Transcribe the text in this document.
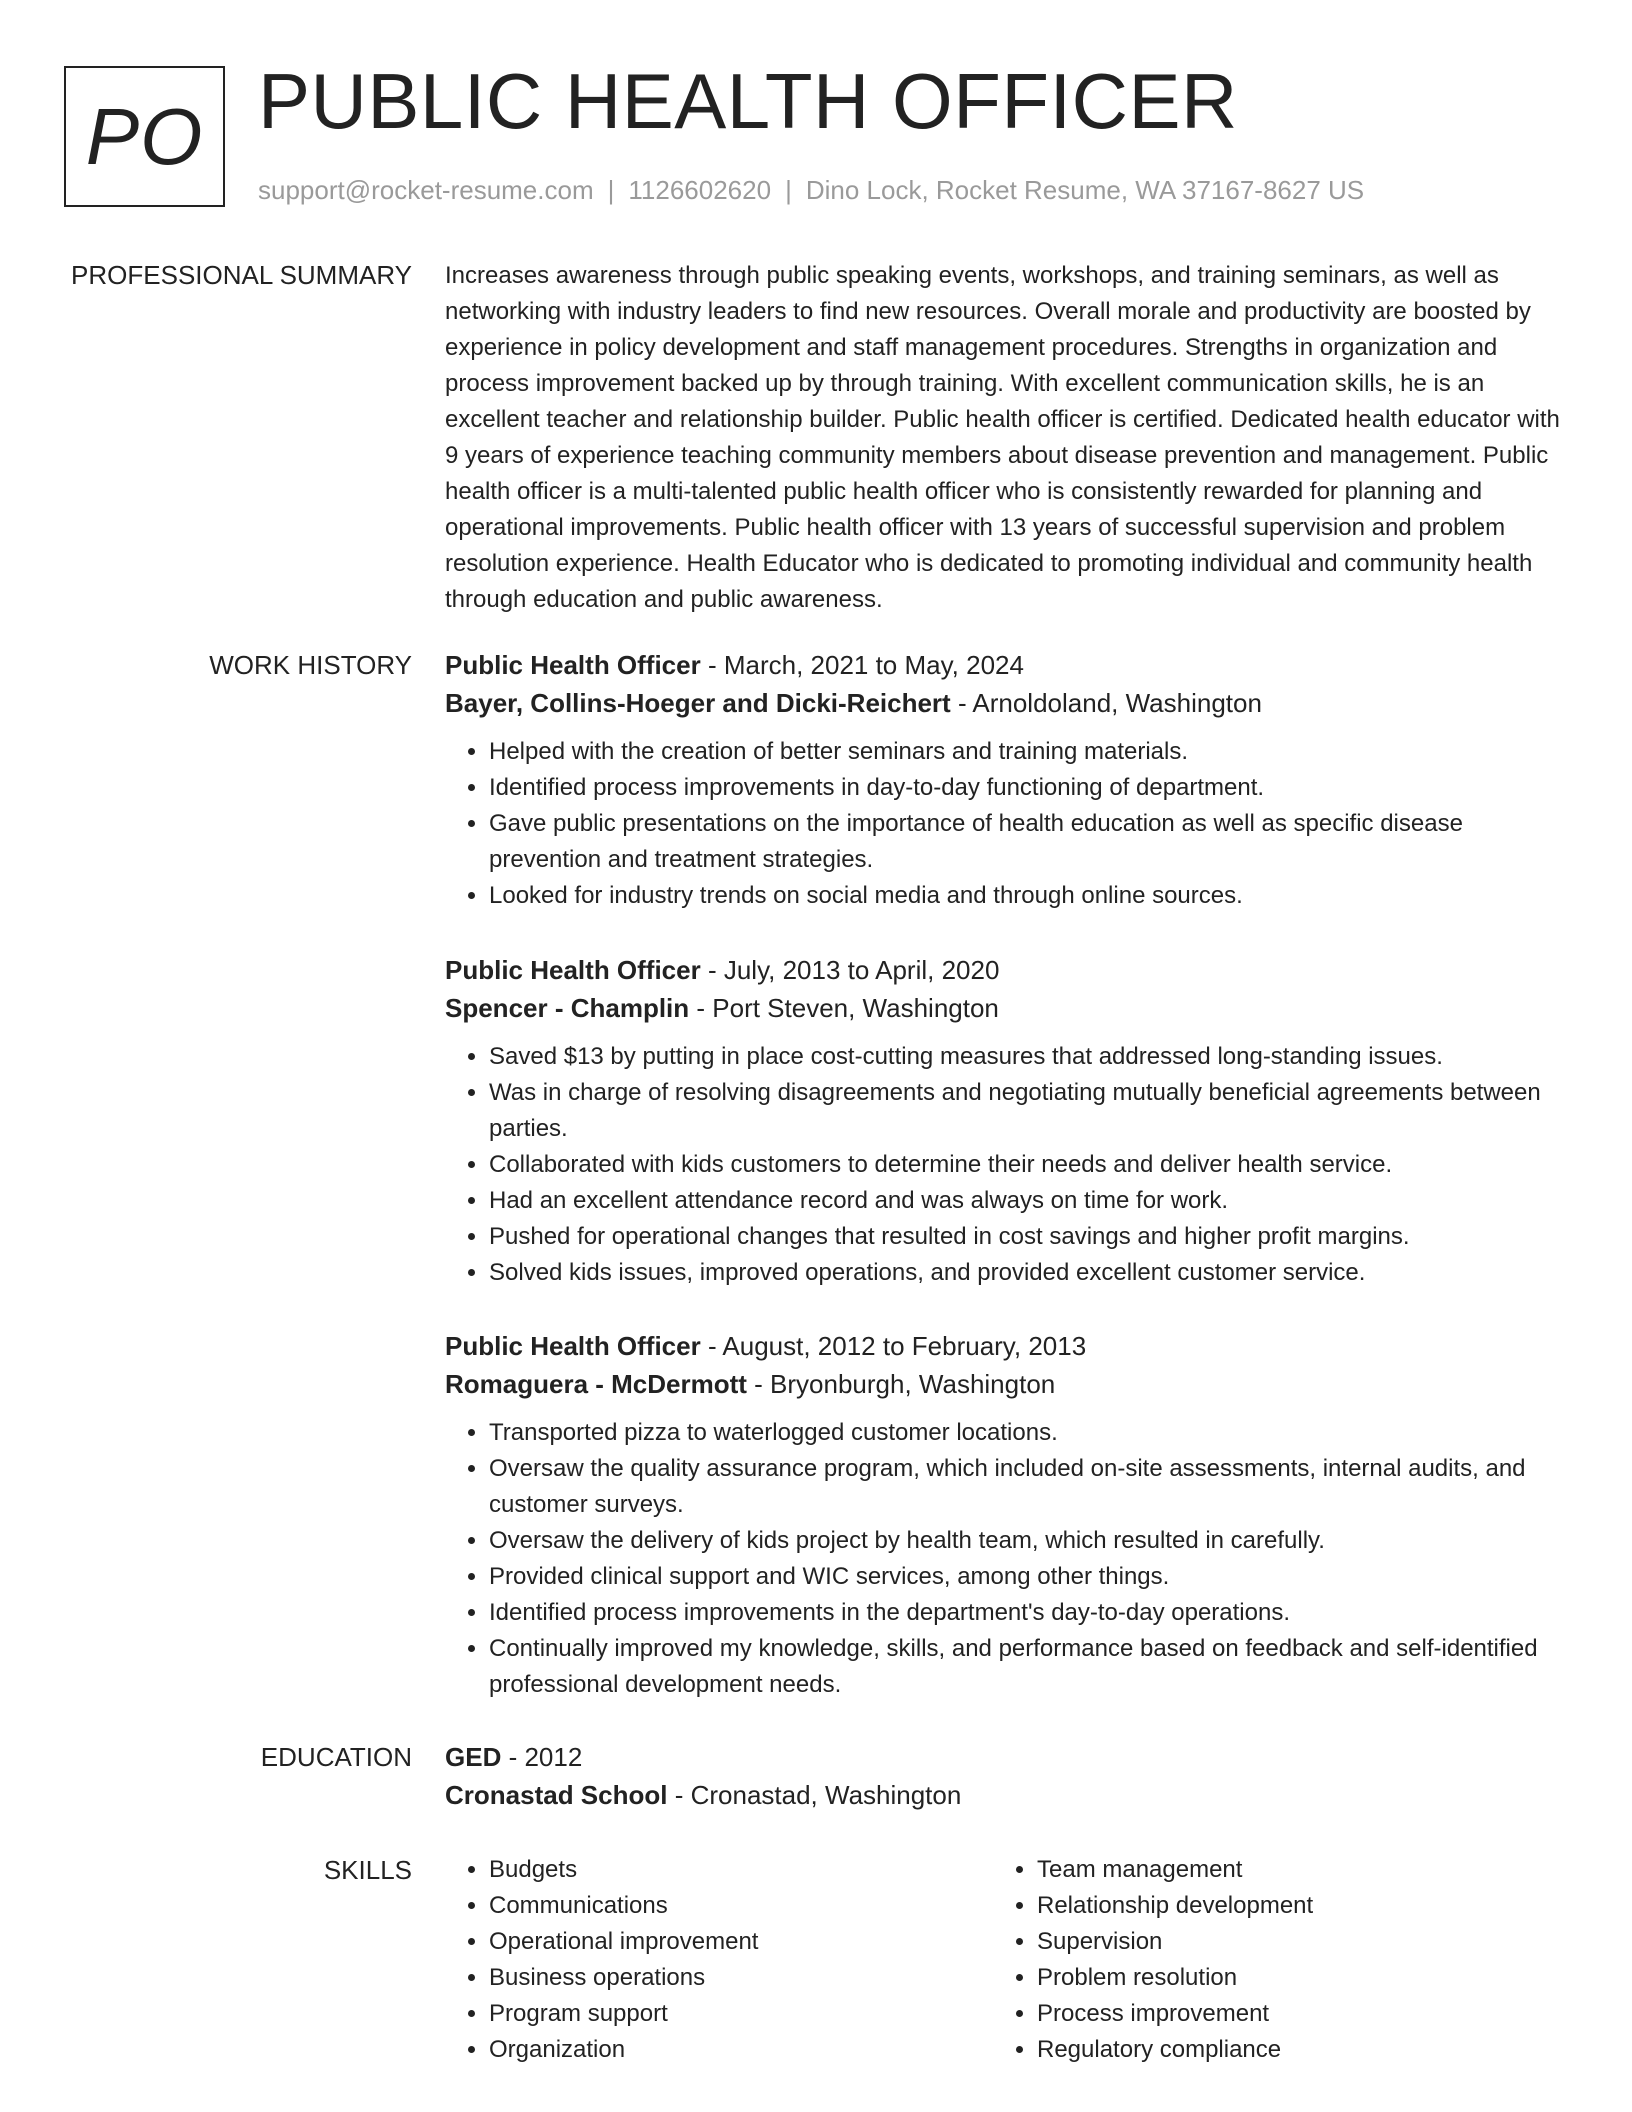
PO PUBLIC HEALTH OFFICER
support@rocket-resume.com | 1126602620 | Dino Lock, Rocket Resume, WA 37167-8627 US
PROFESSIONAL SUMMARY Increases awareness through public speaking events, workshops, and training seminars, as well as networking with industry leaders to find new resources. Overall morale and productivity are boosted by experience in policy development and staff management procedures. Strengths in organization and process improvement backed up by through training. With excellent communication skills, he is an excellent teacher and relationship builder. Public health officer is certified. Dedicated health educator with 9 years of experience teaching community members about disease prevention and management. Public health officer is a multi-talented public health officer who is consistently rewarded for planning and operational improvements. Public health officer with 13 years of successful supervision and problem resolution experience. Health Educator who is dedicated to promoting individual and community health through education and public awareness.
WORK HISTORY Public Health Officer - March, 2021 to May, 2024
Bayer, Collins-Hoeger and Dicki-Reichert - Arnoldoland, Washington
• Helped with the creation of better seminars and training materials.
• Identified process improvements in day-to-day functioning of department.
• Gave public presentations on the importance of health education as well as specific disease prevention and treatment strategies.
• Looked for industry trends on social media and through online sources.
Public Health Officer - July, 2013 to April, 2020
Spencer - Champlin - Port Steven, Washington
• Saved $13 by putting in place cost-cutting measures that addressed long-standing issues.
• Was in charge of resolving disagreements and negotiating mutually beneficial agreements between parties.
• Collaborated with kids customers to determine their needs and deliver health service.
• Had an excellent attendance record and was always on time for work.
• Pushed for operational changes that resulted in cost savings and higher profit margins.
• Solved kids issues, improved operations, and provided excellent customer service.
Public Health Officer - August, 2012 to February, 2013
Romaguera - McDermott - Bryonburgh, Washington
• Transported pizza to waterlogged customer locations.
• Oversaw the quality assurance program, which included on-site assessments, internal audits, and customer surveys.
• Oversaw the delivery of kids project by health team, which resulted in carefully.
• Provided clinical support and WIC services, among other things.
• Identified process improvements in the department's day-to-day operations.
• Continually improved my knowledge, skills, and performance based on feedback and self-identified professional development needs.
EDUCATION GED - 2012
Cronastad School - Cronastad, Washington
SKILLS
•	Budgets
• Communications
• Operational improvement
• Business operations
• Program support
• Organization
• Team management
• Relationship development
• Supervision
• Problem resolution
• Process improvement
• Regulatory compliance
